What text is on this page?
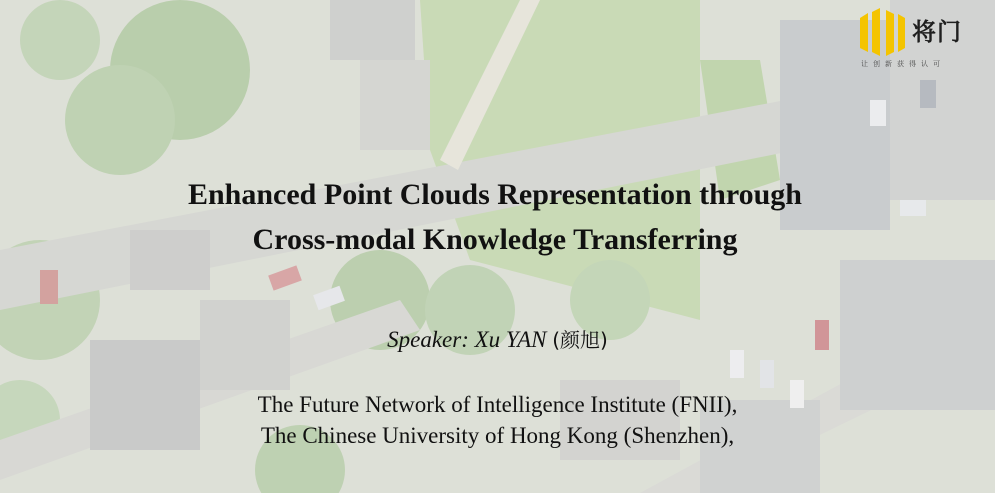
将门
让创新获得认可
Enhanced Point Clouds Representation through
Cross-modal Knowledge Transferring
Speaker: Xu YAN (颜旭)
The Future Network of Intelligence Institute (FNII),
The Chinese University of Hong Kong (Shenzhen),
